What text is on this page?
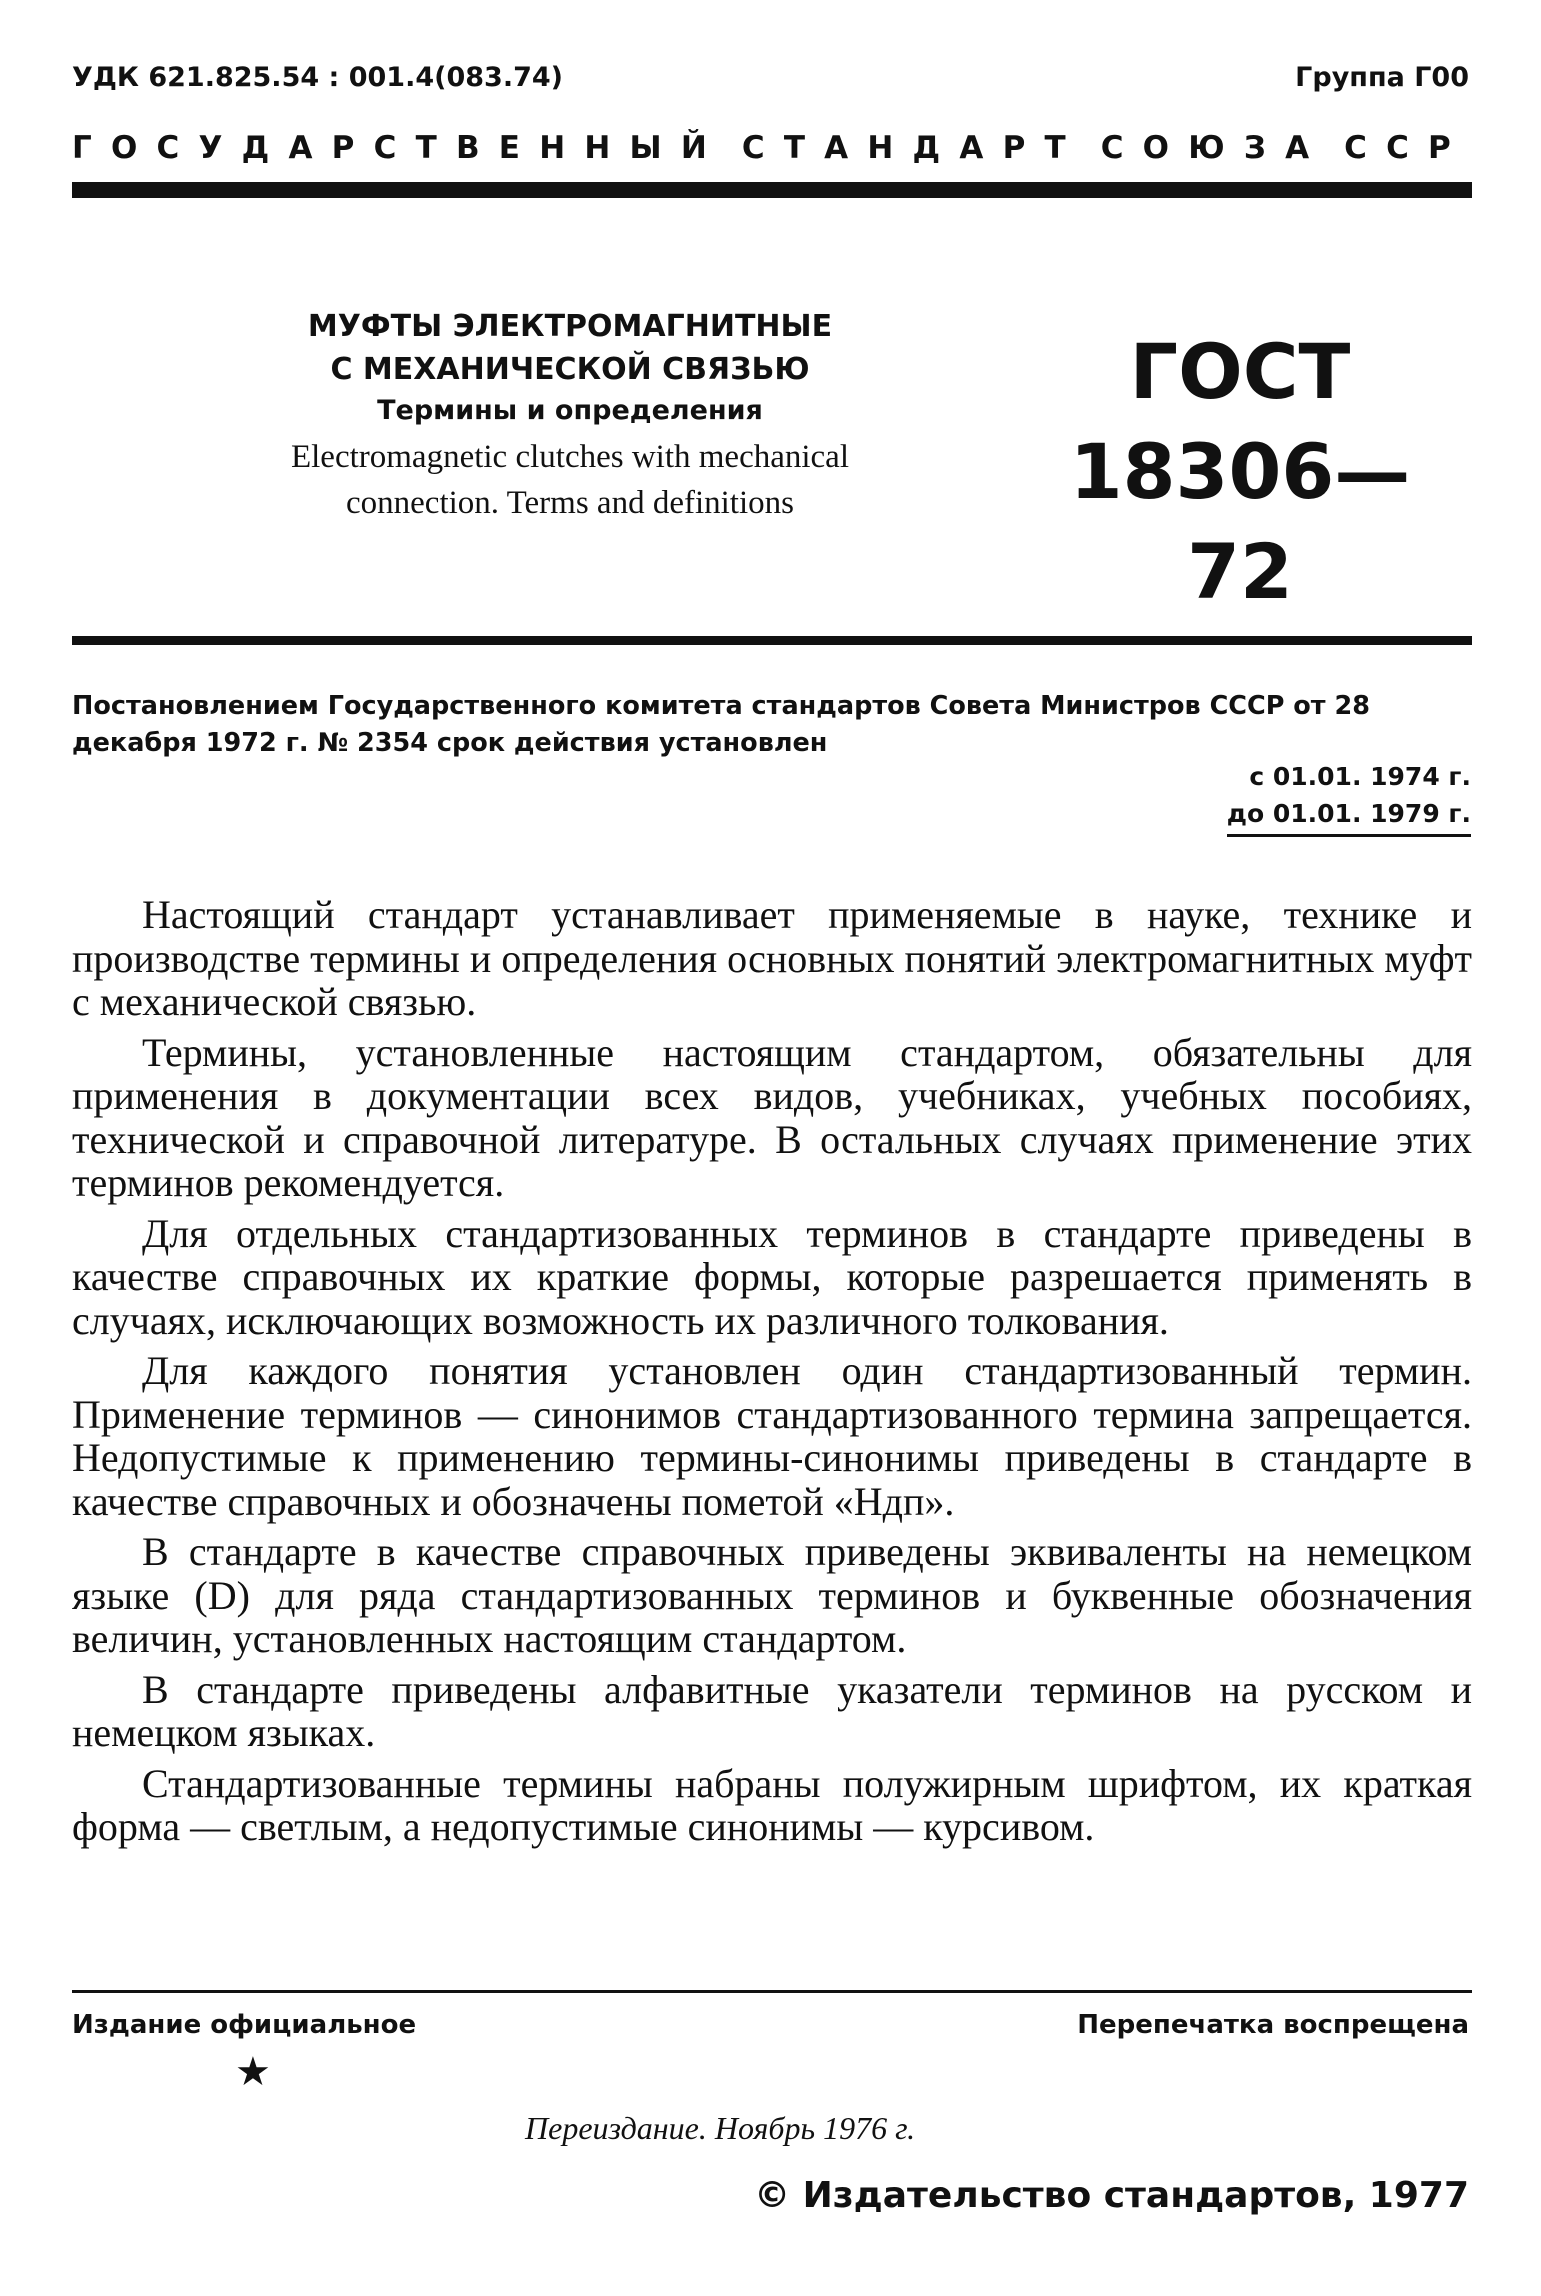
УДК 621.825.54 : 001.4(083.74)	Группа Г00
ГОСУДАРСТВЕННЫЙ СТАНДАРТ СОЮЗА ССР
МУФТЫ ЭЛЕКТРОМАГНИТНЫЕ
С МЕХАНИЧЕСКОЙ СВЯЗЬЮ
Термины и определения
Electromagnetic clutches with mechanical
connection. Terms and definitions
ГОСТ
18306—72
Постановлением Государственного комитета стандартов Совета Министров СССР от 28 декабря 1972 г. № 2354 срок действия установлен
с 01.01. 1974 г.
до 01.01. 1979 г.

Настоящий стандарт устанавливает применяемые в науке, технике и производстве термины и определения основных понятий электромагнитных муфт с механической связью.

Термины, установленные настоящим стандартом, обязательны для применения в документации всех видов, учебниках, учебных пособиях, технической и справочной литературе. В остальных случаях применение этих терминов рекомендуется.

Для отдельных стандартизованных терминов в стандарте приведены в качестве справочных их краткие формы, которые разрешается применять в случаях, исключающих возможность их различного толкования.

Для каждого понятия установлен один стандартизованный термин. Применение терминов — синонимов стандартизованного термина запрещается. Недопустимые к применению термины-синонимы приведены в стандарте в качестве справочных и обозначены пометой «Ндп».

В стандарте в качестве справочных приведены эквиваленты на немецком языке (D) для ряда стандартизованных терминов и буквенные обозначения величин, установленных настоящим стандартом.

В стандарте приведены алфавитные указатели терминов на русском и немецком языках.

Стандартизованные термины набраны полужирным шрифтом, их краткая форма — светлым, а недопустимые синонимы — курсивом.

Издание официальное	Перепечатка воспрещена
★
Переиздание. Ноябрь 1976 г.
© Издательство стандартов, 1977
